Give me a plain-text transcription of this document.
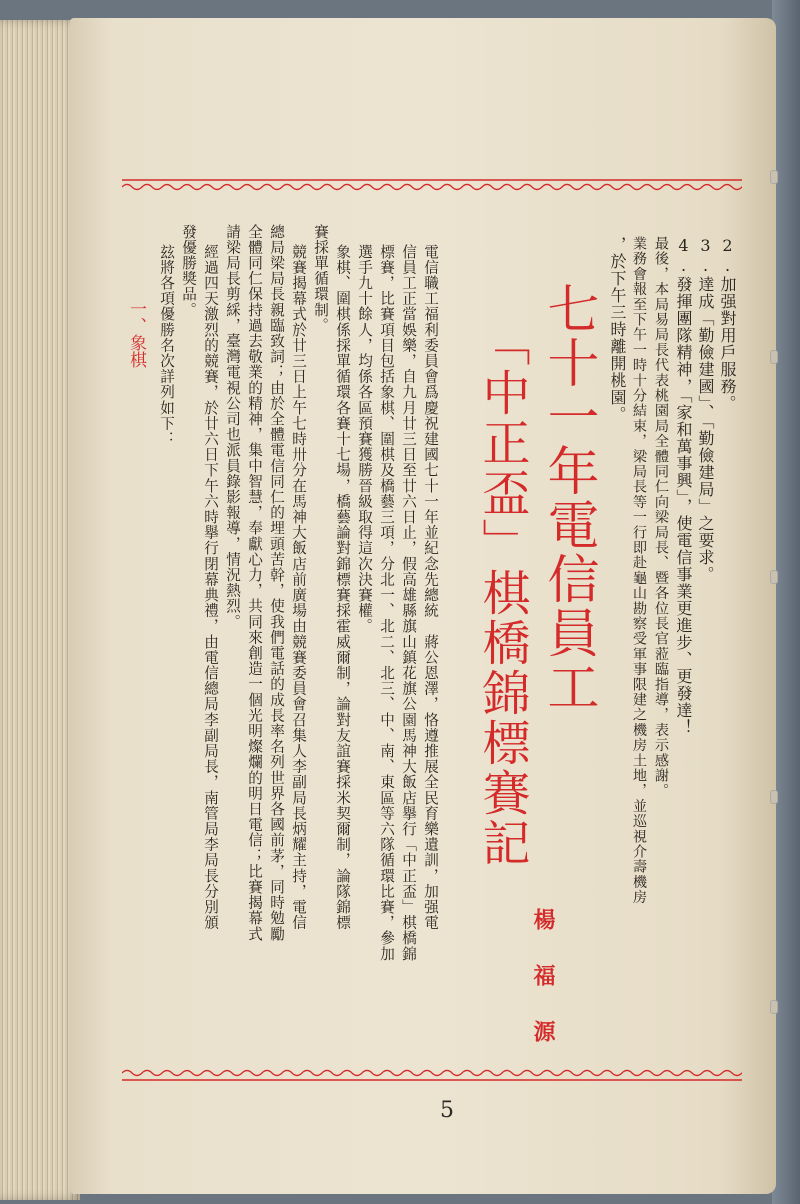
2.加强對用戶服務。
3.達成「勤儉建國」、「勤儉建局」之要求。
4.發揮團隊精神，「家和萬事興」，使電信事業更進步、更發達！
最後，本局易局長代表桃園局全體同仁向梁局長、暨各位長官蒞臨指導，表示感謝。
業務會報至下午一時十分結束，梁局長等一行即赴龜山勘察受軍事限建之機房土地，並巡視介壽機房
，於下午三時離開桃園。
七十一年電信員工
「中正盃」棋橋錦標賽記
楊 福 源
電信職工福利委員會爲慶祝建國七十一年並紀念先總統　蔣公恩澤，恪遵推展全民育樂遺訓，加强電
信員工正當娛樂，自九月廿三日至廿六日止，假高雄縣旗山鎮花旗公園馬神大飯店擧行「中正盃」棋橋錦
標賽，比賽項目包括象棋、圍棋及橋藝三項，分北一、北二、北三、中、南、東區等六隊循環比賽，參加
選手九十餘人，均係各區預賽獲勝晉級取得這次決賽權。
象棋、圍棋係採單循環各賽十七場，橋藝論對錦標賽採霍威爾制，論對友誼賽採米契爾制，論隊錦標
賽採單循環制。
競賽揭幕式於廿三日上午七時卅分在馬神大飯店前廣場由競賽委員會召集人李副局長炳耀主持，電信
總局梁局長親臨致詞；由於全體電信同仁的埋頭苦幹，使我們電話的成長率名列世界各國前茅，同時勉勵
全體同仁保持過去敬業的精神，集中智慧，奉獻心力，共同來創造一個光明燦爛的明日電信；比賽揭幕式
請梁局長剪綵，臺灣電視公司也派員錄影報導，情況熱烈。
經過四天激烈的競賽，於廿六日下午六時擧行閉幕典禮，由電信總局李副局長，南管局李局長分別頒
發優勝獎品。
玆將各項優勝名次詳列如下：
一、象棋
5
